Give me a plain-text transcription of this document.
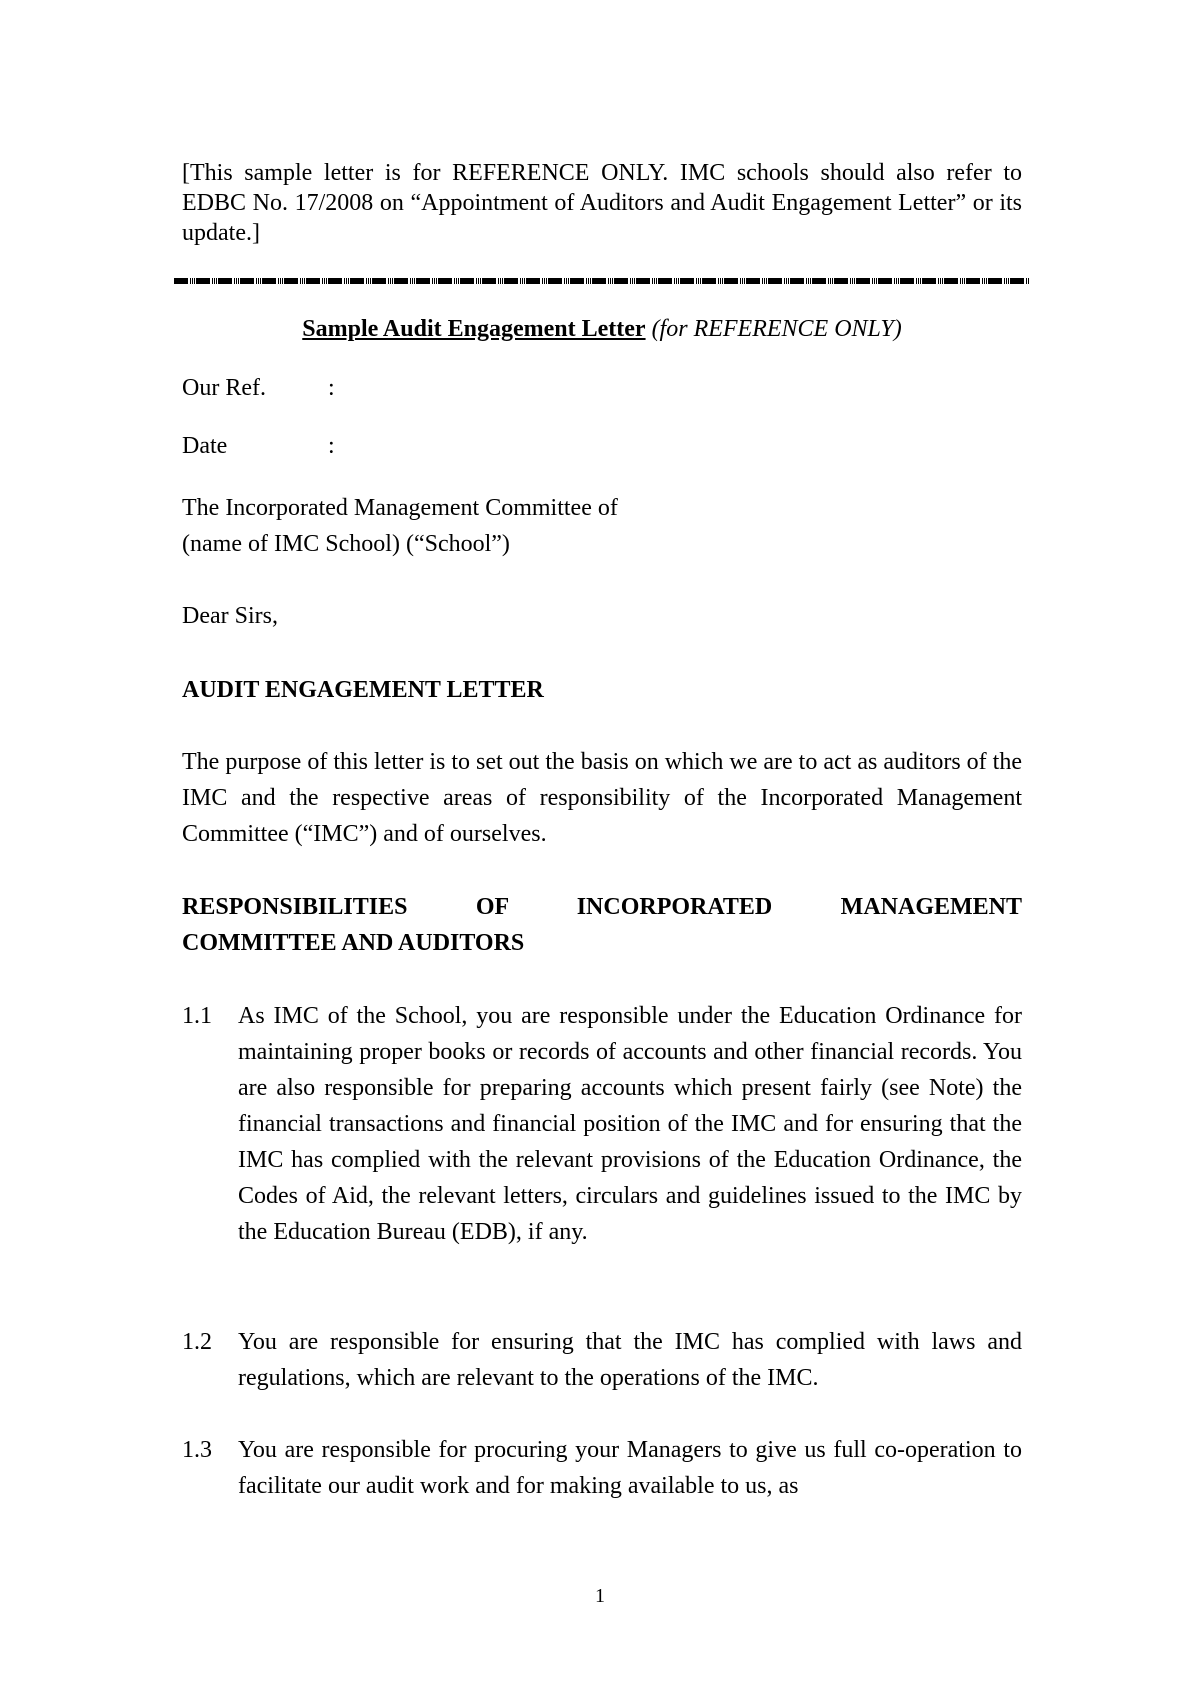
[This sample letter is for REFERENCE ONLY. IMC schools should also refer to EDBC No. 17/2008 on “Appointment of Auditors and Audit Engagement Letter” or its update.]
Sample Audit Engagement Letter (for REFERENCE ONLY)
Our Ref.	:
Date	:
The Incorporated Management Committee of
(name of IMC School) (“School”)
Dear Sirs,
AUDIT ENGAGEMENT LETTER
The purpose of this letter is to set out the basis on which we are to act as auditors of the IMC and the respective areas of responsibility of the Incorporated Management Committee (“IMC”) and of ourselves.
RESPONSIBILITIES OF INCORPORATED MANAGEMENT
COMMITTEE AND AUDITORS
1.1	As IMC of the School, you are responsible under the Education Ordinance for maintaining proper books or records of accounts and other financial records. You are also responsible for preparing accounts which present fairly (see Note) the financial transactions and financial position of the IMC and for ensuring that the IMC has complied with the relevant provisions of the Education Ordinance, the Codes of Aid, the relevant letters, circulars and guidelines issued to the IMC by the Education Bureau (EDB), if any.
1.2	You are responsible for ensuring that the IMC has complied with laws and regulations, which are relevant to the operations of the IMC.
1.3	You are responsible for procuring your Managers to give us full co-operation to facilitate our audit work and for making available to us, as
1
